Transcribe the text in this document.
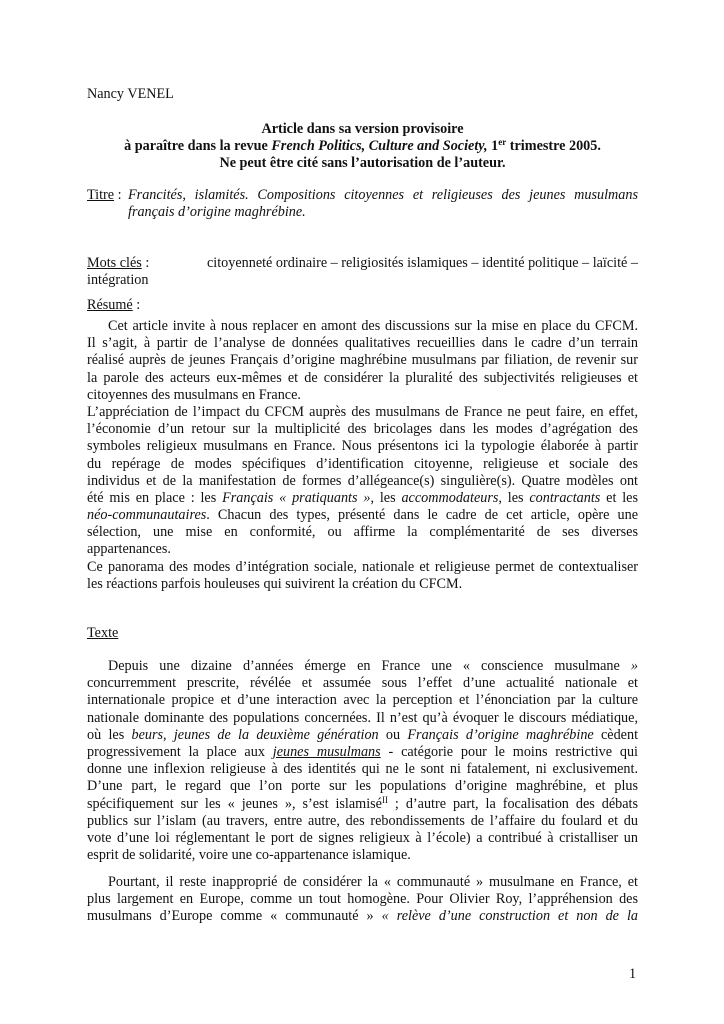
Nancy VENEL
Article dans sa version provisoire
à paraître dans la revue French Politics, Culture and Society, 1er trimestre 2005.
Ne peut être cité sans l’autorisation de l’auteur.
Titre : Francités, islamités. Compositions citoyennes et religieuses des jeunes musulmans français d’origine maghrébine.
Mots clés :	citoyenneté ordinaire – religiosités islamiques – identité politique – laïcité –
intégration
Résumé :
Cet article invite à nous replacer en amont des discussions sur la mise en place du CFCM.
Il s’agit, à partir de l’analyse de données qualitatives recueillies dans le cadre d’un terrain
réalisé auprès de jeunes Français d’origine maghrébine musulmans par filiation, de revenir sur
la parole des acteurs eux-mêmes et de considérer la pluralité des subjectivités religieuses et
citoyennes des musulmans en France.
L’appréciation de l’impact du CFCM auprès des musulmans de France ne peut faire, en effet,
l’économie d’un retour sur la multiplicité des bricolages dans les modes d’agrégation des
symboles religieux musulmans en France. Nous présentons ici la typologie élaborée à partir
du repérage de modes spécifiques d’identification citoyenne, religieuse et sociale des
individus et de la manifestation de formes d’allégeance(s) singulière(s). Quatre modèles ont
été mis en place : les Français « pratiquants », les accommodateurs, les contractants et les
néo-communautaires. Chacun des types, présenté dans le cadre de cet article, opère une
sélection, une mise en conformité, ou affirme la complémentarité de ses diverses
appartenances.
Ce panorama des modes d’intégration sociale, nationale et religieuse permet de contextualiser
les réactions parfois houleuses qui suivirent la création du CFCM.
Texte
Depuis une dizaine d’années émerge en France une « conscience musulmane »
concurremment prescrite, révélée et assumée sous l’effet d’une actualité nationale et
internationale propice et d’une interaction avec la perception et l’énonciation par la culture
nationale dominante des populations concernées. Il n’est qu’à évoquer le discours médiatique,
où les beurs, jeunes de la deuxième génération ou Français d’origine maghrébine cèdent
progressivement la place aux jeunes musulmans - catégorie pour le moins restrictive qui
donne une inflexion religieuse à des identités qui ne le sont ni fatalement, ni exclusivement.
D’une part, le regard que l’on porte sur les populations d’origine maghrébine, et plus
spécifiquement sur les « jeunes », s’est islamisé$^{II}$ ; d’autre part, la focalisation des débats
publics sur l’islam (au travers, entre autre, des rebondissements de l’affaire du foulard et du
vote d’une loi réglementant le port de signes religieux à l’école) a contribué à cristalliser un
esprit de solidarité, voire une co-appartenance islamique.
Pourtant, il reste inapproprié de considérer la « communauté » musulmane en France, et
plus largement en Europe, comme un tout homogène. Pour Olivier Roy, l’appréhension des
musulmans d’Europe comme « communauté » « relève d’une construction et non de la
1
